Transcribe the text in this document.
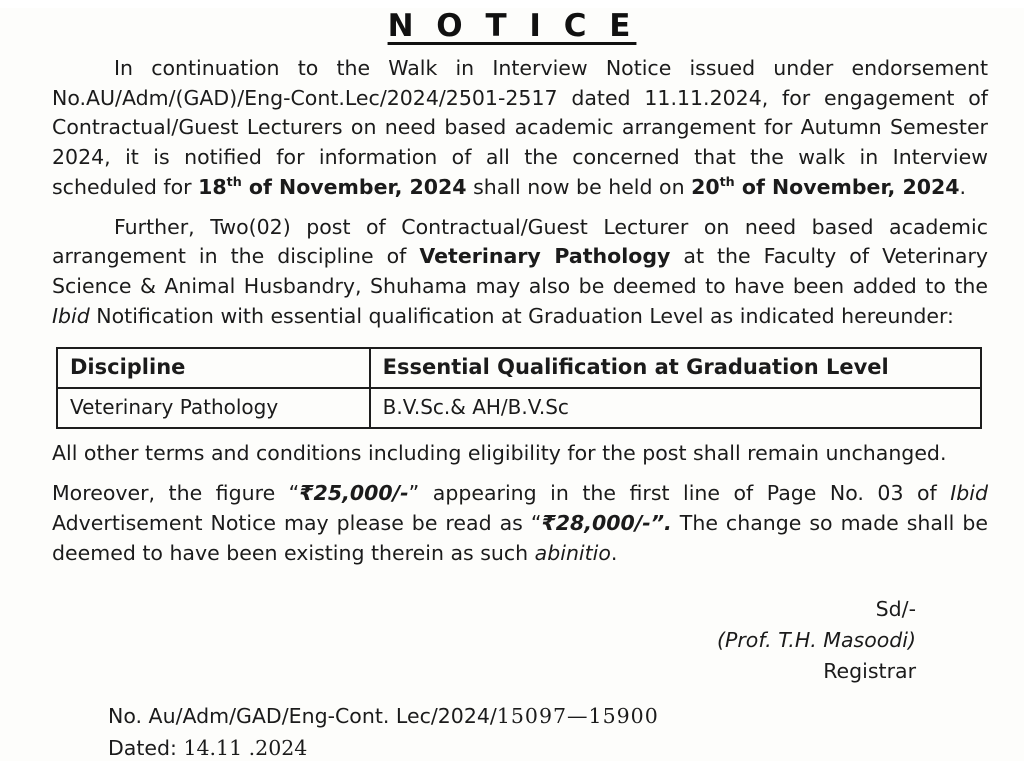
N O T I C E

In continuation to the Walk in Interview Notice issued under endorsement No.AU/Adm/(GAD)/Eng-Cont.Lec/2024/2501-2517 dated 11.11.2024, for engagement of Contractual/Guest Lecturers on need based academic arrangement for Autumn Semester 2024, it is notified for information of all the concerned that the walk in Interview scheduled for 18th of November, 2024 shall now be held on 20th of November, 2024.

Further, Two(02) post of Contractual/Guest Lecturer on need based academic arrangement in the discipline of Veterinary Pathology at the Faculty of Veterinary Science & Animal Husbandry, Shuhama may also be deemed to have been added to the Ibid Notification with essential qualification at Graduation Level as indicated hereunder:

Discipline	Essential Qualification at Graduation Level
Veterinary Pathology	B.V.Sc.& AH/B.V.Sc

All other terms and conditions including eligibility for the post shall remain unchanged.

Moreover, the figure “₹25,000/-” appearing in the first line of Page No. 03 of Ibid Advertisement Notice may please be read as “₹28,000/-”. The change so made shall be deemed to have been existing therein as such abinitio.

Sd/-
(Prof. T.H. Masoodi)
Registrar
No. Au/Adm/GAD/Eng-Cont. Lec/2024/15097—15900
Dated: 14.11 .2024
